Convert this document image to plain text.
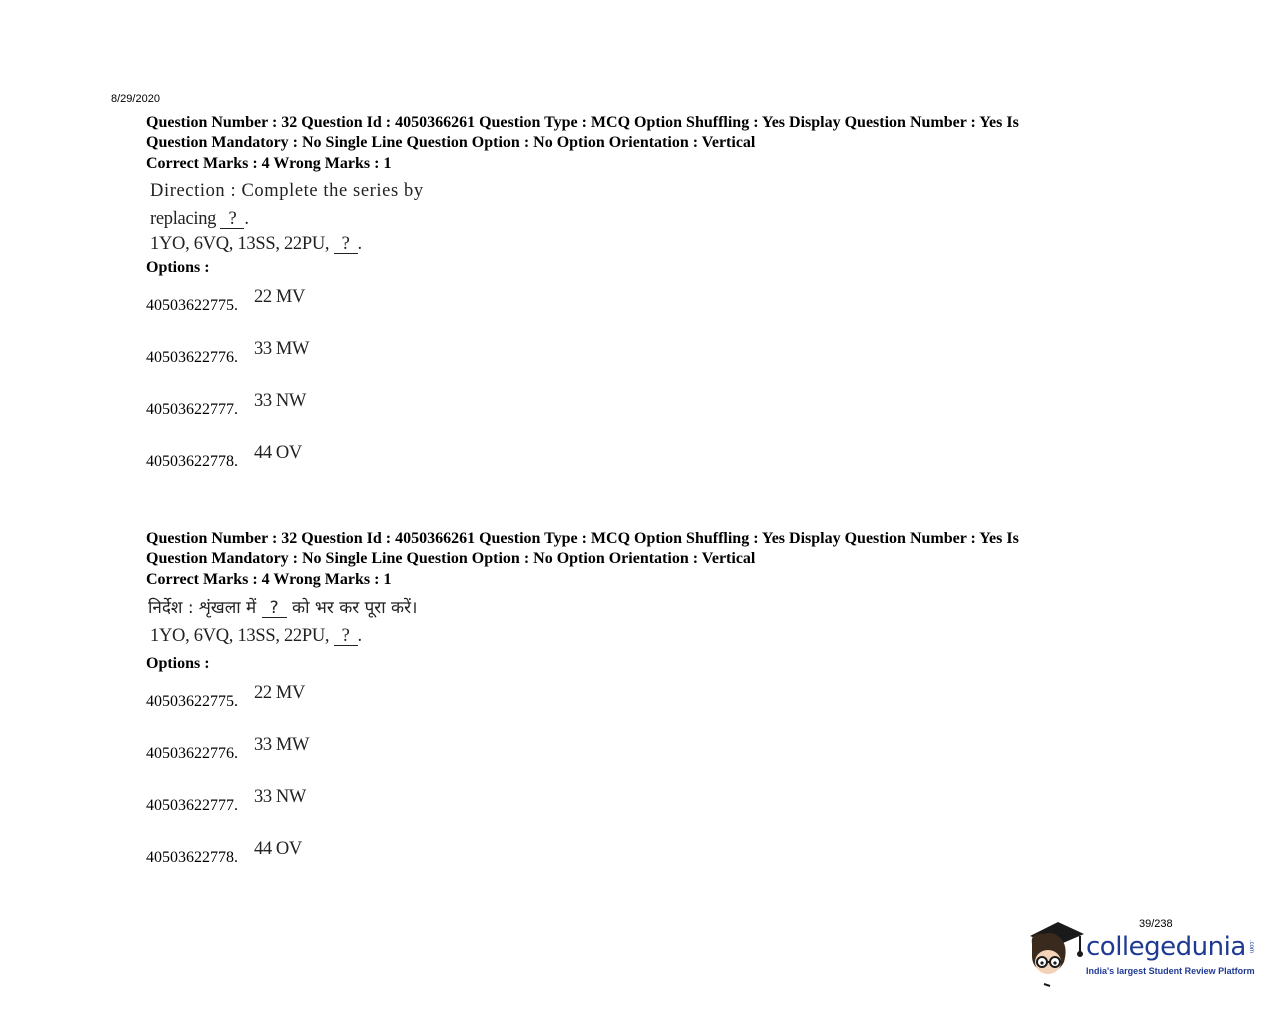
8/29/2020
Question Number : 32 Question Id : 4050366261 Question Type : MCQ Option Shuffling : Yes Display Question Number : Yes Is
Question Mandatory : No Single Line Question Option : No Option Orientation : Vertical
Correct Marks : 4 Wrong Marks : 1
Direction : Complete the series by
replacing ? .
1YO, 6VQ, 13SS, 22PU, ? .
Options :
40503622775. 22 MV
40503622776. 33 MW
40503622777. 33 NW
40503622778. 44 OV
Question Number : 32 Question Id : 4050366261 Question Type : MCQ Option Shuffling : Yes Display Question Number : Yes Is
Question Mandatory : No Single Line Question Option : No Option Orientation : Vertical
Correct Marks : 4 Wrong Marks : 1
निर्देश : शृंखला में ? को भर कर पूरा करें।
1YO, 6VQ, 13SS, 22PU, ? .
Options :
40503622775. 22 MV
40503622776. 33 MW
40503622777. 33 NW
40503622778. 44 OV
39/238
collegedunia .com
India's largest Student Review Platform
